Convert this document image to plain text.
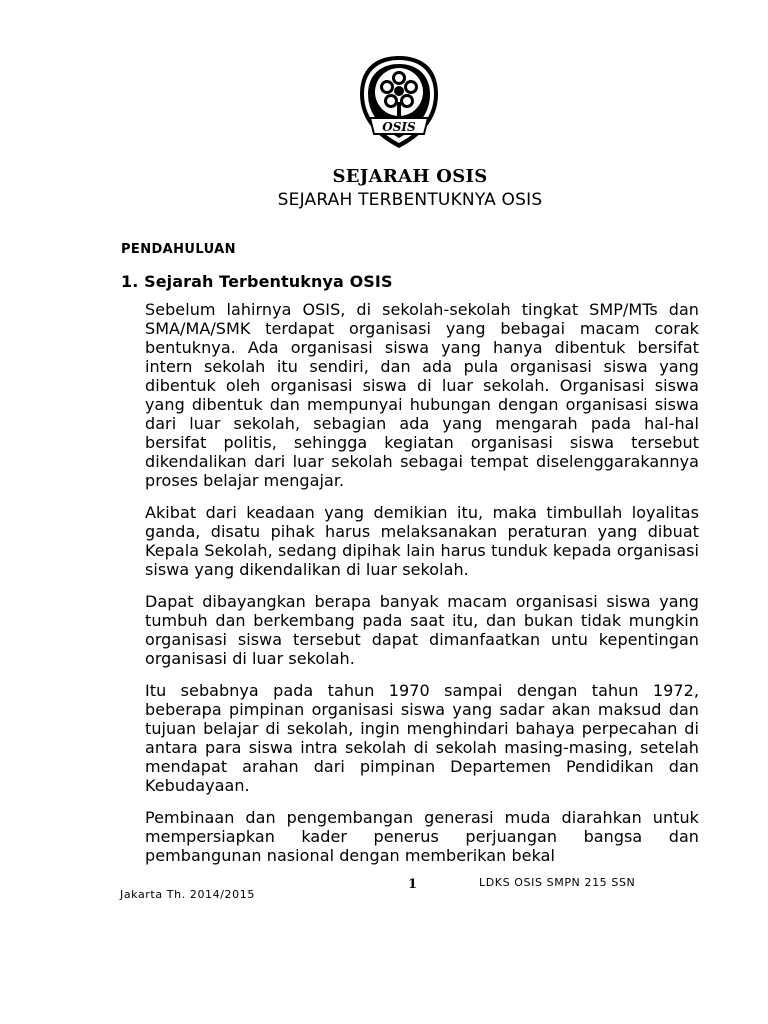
OSIS
SEJARAH OSIS
SEJARAH TERBENTUKNYA OSIS
PENDAHULUAN
1. Sejarah Terbentuknya OSIS

Sebelum lahirnya OSIS, di sekolah-sekolah tingkat SMP/MTs dan SMA/MA/SMK terdapat organisasi yang bebagai macam corak bentuknya. Ada organisasi siswa yang hanya dibentuk bersifat intern sekolah itu sendiri, dan ada pula organisasi siswa yang dibentuk oleh organisasi siswa di luar sekolah. Organisasi siswa yang dibentuk dan mempunyai hubungan dengan organisasi siswa dari luar sekolah, sebagian ada yang mengarah pada hal-hal bersifat politis, sehingga kegiatan organisasi siswa tersebut dikendalikan dari luar sekolah sebagai tempat diselenggarakannya proses belajar mengajar.

Akibat dari keadaan yang demikian itu, maka timbullah loyalitas ganda, disatu pihak harus melaksanakan peraturan yang dibuat Kepala Sekolah, sedang dipihak lain harus tunduk kepada organisasi siswa yang dikendalikan di luar sekolah.

Dapat dibayangkan berapa banyak macam organisasi siswa yang tumbuh dan berkembang pada saat itu, dan bukan tidak mungkin organisasi siswa tersebut dapat dimanfaatkan untu kepentingan organisasi di luar sekolah.

Itu sebabnya pada tahun 1970 sampai dengan tahun 1972, beberapa pimpinan organisasi siswa yang sadar akan maksud dan tujuan belajar di sekolah, ingin menghindari bahaya perpecahan di antara para siswa intra sekolah di sekolah masing-masing, setelah mendapat arahan dari pimpinan Departemen Pendidikan dan Kebudayaan.

Pembinaan dan pengembangan generasi muda diarahkan untuk mempersiapkan kader penerus perjuangan bangsa dan pembangunan nasional dengan memberikan bekal

1	LDKS OSIS SMPN 215 SSN
Jakarta Th. 2014/2015
